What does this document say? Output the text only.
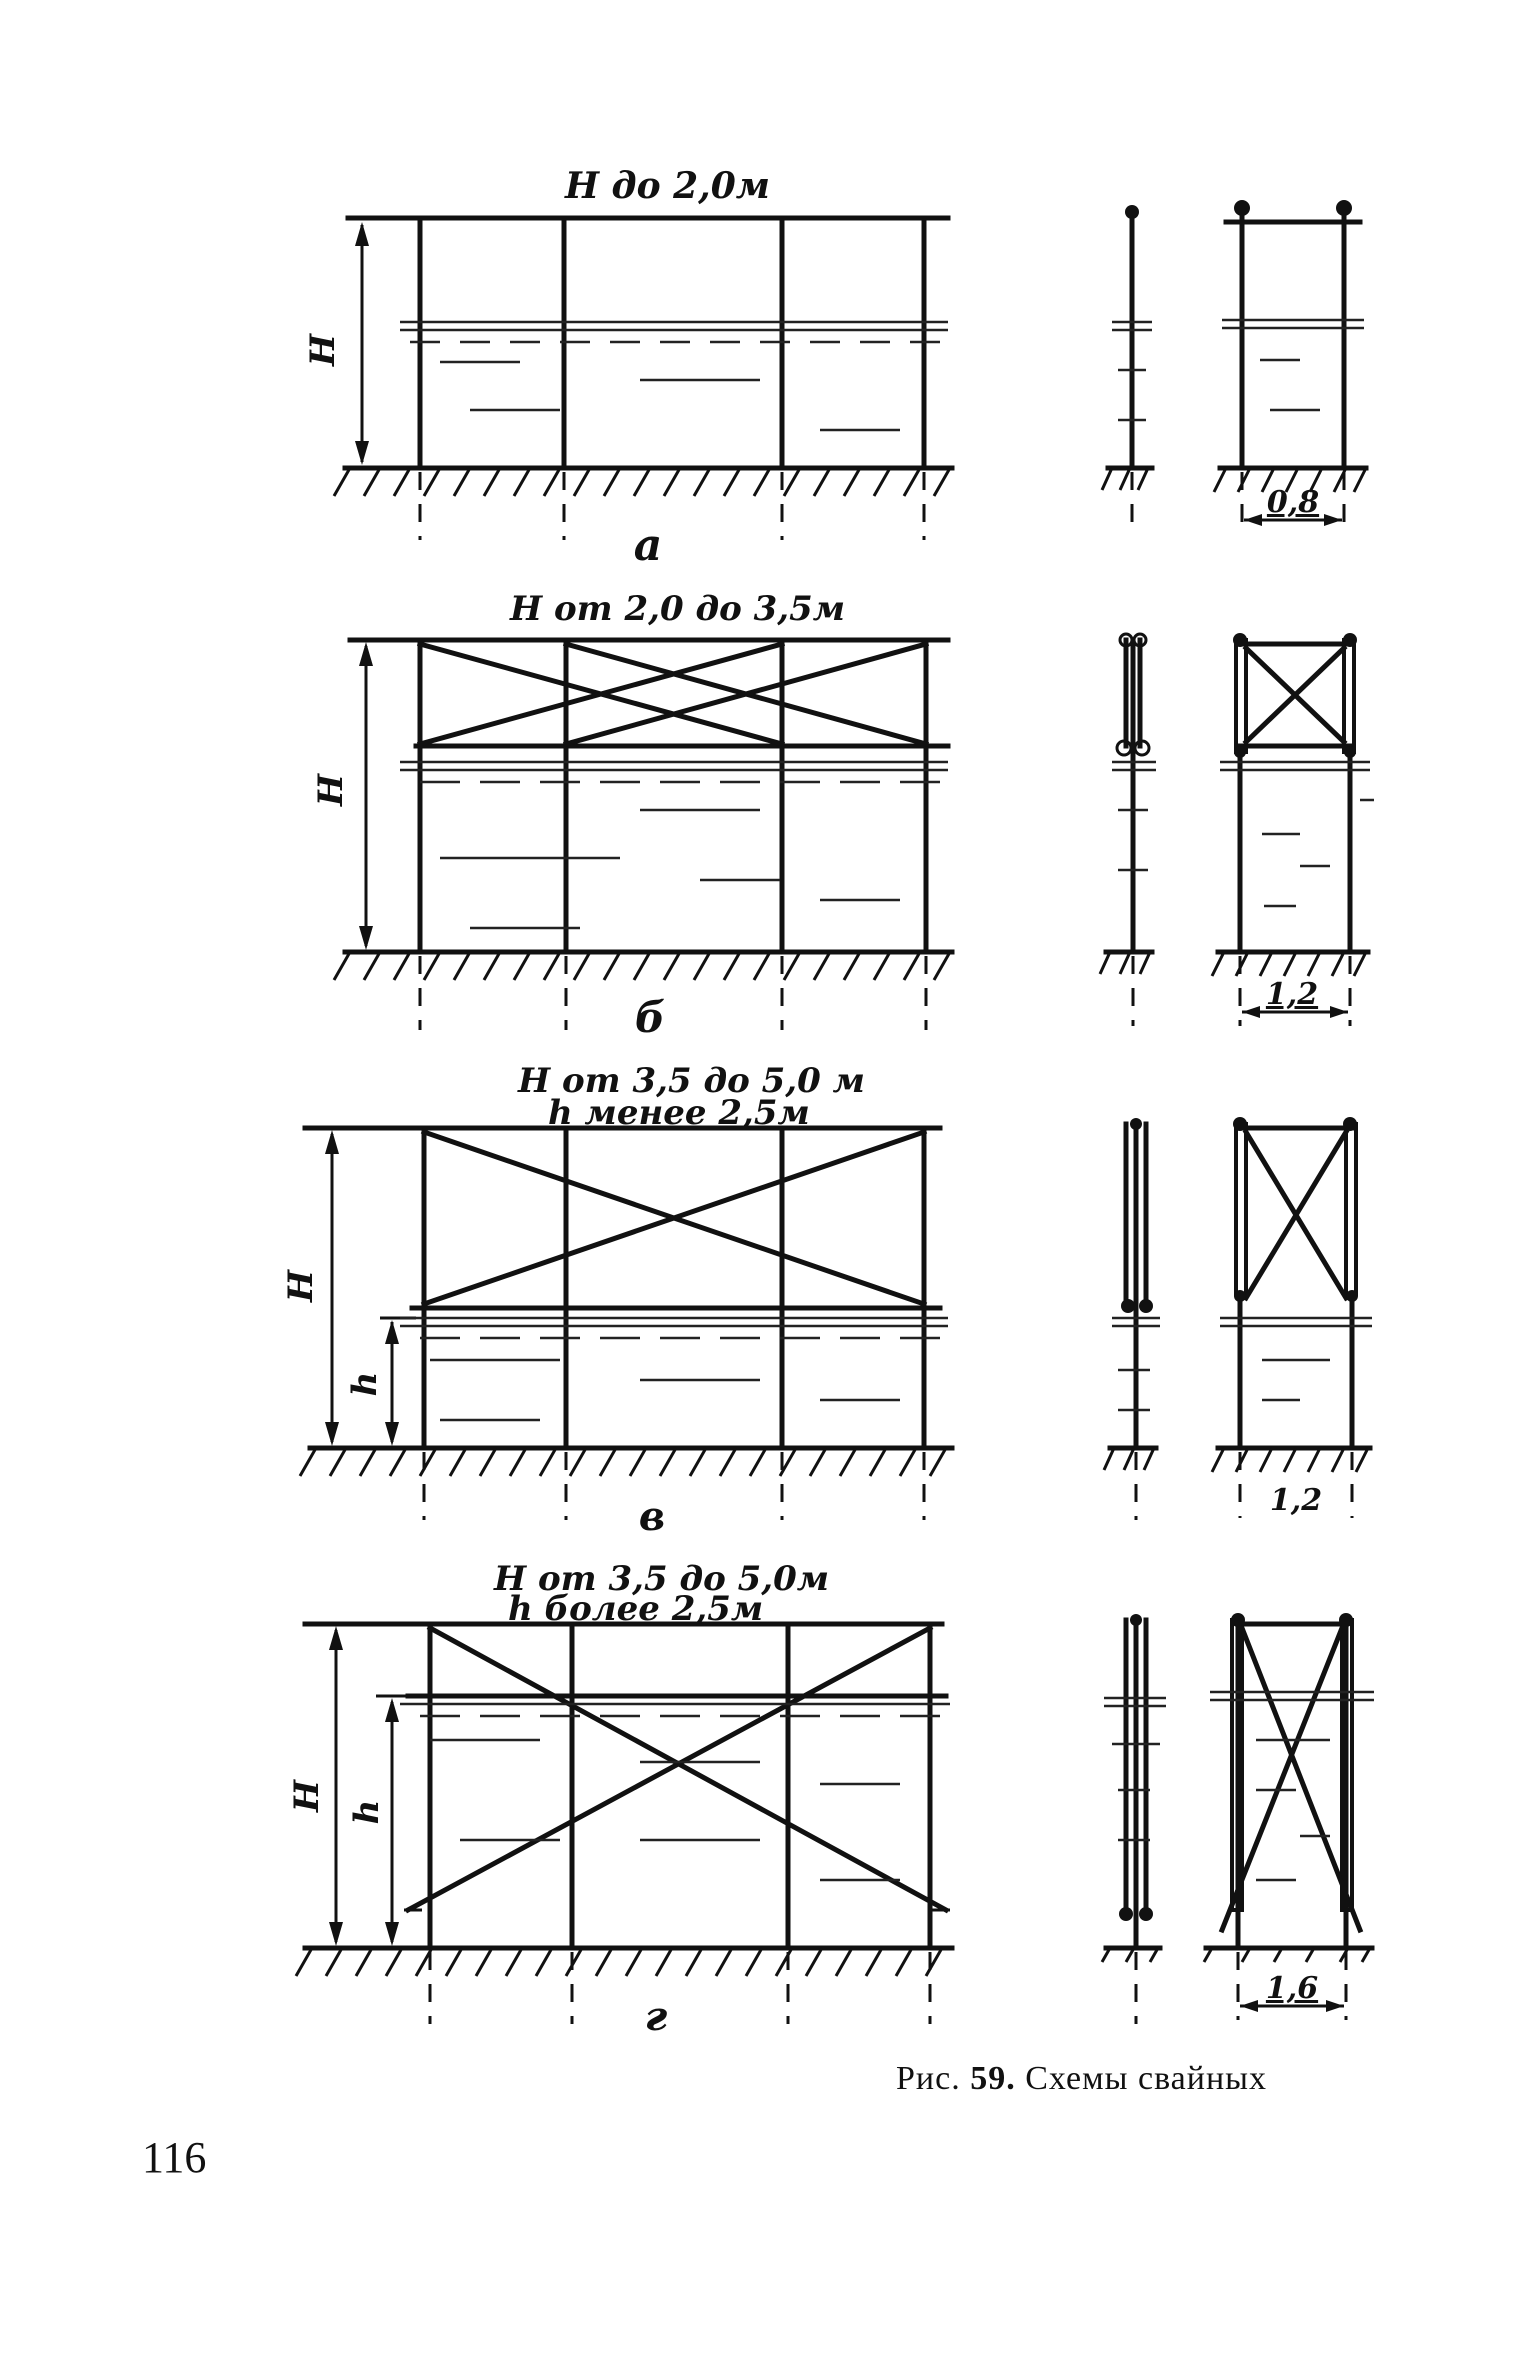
H до 2,0м
H
а
0,8
H от 2,0 до 3,5м
H
б	1,2
H от 3,5 до 5,0 м
h менее 2,5м
H
h
в	1,2
H от 3,5 до 5,0м
h более 2,5м
H h
г
1,6
Рис. 59. Схемы свайных
116
